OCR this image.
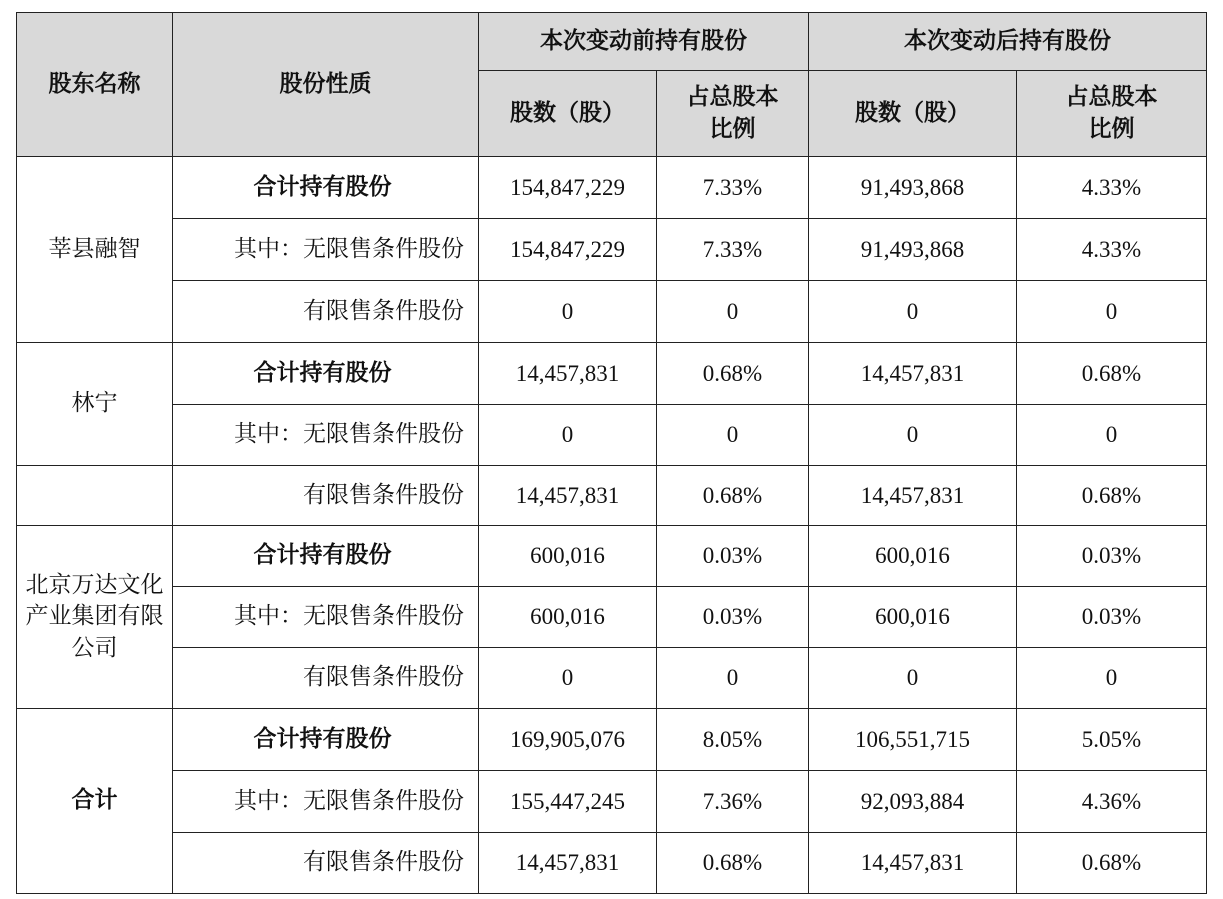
股东名称	股份性质	本次变动前持有股份		本次变动后持有股份	
		股数（股）	占总股本比例	股数（股）	占总股本比例
莘县融智	合计持有股份	154,847,229	7.33%	91,493,868	4.33%
	其中：无限售条件股份	154,847,229	7.33%	91,493,868	4.33%
	有限售条件股份	0	0	0	0
林宁	合计持有股份	14,457,831	0.68%	14,457,831	0.68%
	其中：无限售条件股份	0	0	0	0
	有限售条件股份	14,457,831	0.68%	14,457,831	0.68%
北京万达文化产业集团有限公司	合计持有股份	600,016	0.03%	600,016	0.03%
	其中：无限售条件股份	600,016	0.03%	600,016	0.03%
	有限售条件股份	0	0	0	0
合计	合计持有股份	169,905,076	8.05%	106,551,715	5.05%
	其中：无限售条件股份	155,447,245	7.36%	92,093,884	4.36%
	有限售条件股份	14,457,831	0.68%	14,457,831	0.68%
